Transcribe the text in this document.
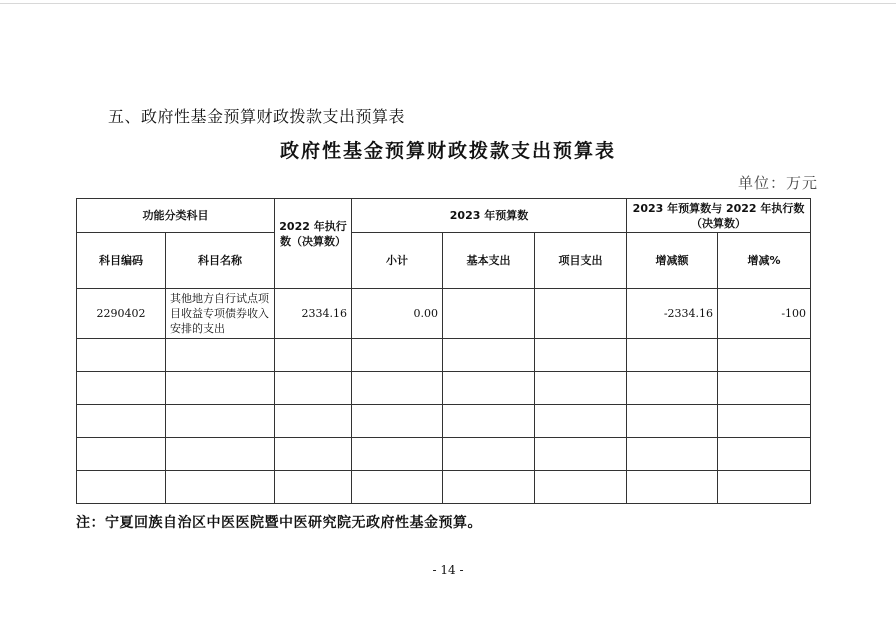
五、政府性基金预算财政拨款支出预算表
政府性基金预算财政拨款支出预算表
单位：万元
功能分类科目		2022 年执行数（决算数）	2023 年预算数			2023 年预算数与 2022 年执行数（决算数）	
科目编码	科目名称		小计	基本支出	项目支出	增减额	增减%
2290402	其他地方自行试点项目收益专项债券收入安排的支出	2334.16	0.00			-2334.16	-100

注：宁夏回族自治区中医医院暨中医研究院无政府性基金预算。
- 14 -
